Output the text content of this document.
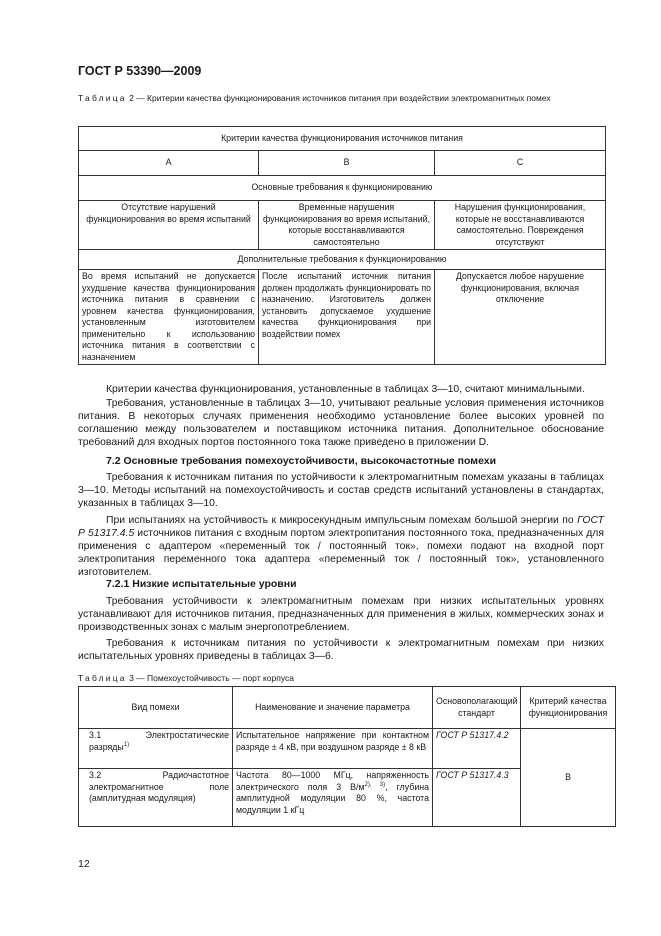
ГОСТ Р 53390—2009
Таблица 2 — Критерии качества функционирования источников питания при воздействии электромагнитных помех
Критерии качества функционирования источников питания		
А	В	С
Основные требования к функционированию		
Отсутствие нарушений функционирования во время испытаний	Временные нарушения функционирования во время испытаний, которые восстанавливаются самостоятельно	Нарушения функционирования, которые не восстанавливаются самостоятельно. Повреждения отсутствуют
Дополнительные требования к функционированию		
Во время испытаний не допускается ухудшение качества функционирования источника питания в сравнении с уровнем качества функционирования, установленным изготовителем применительно к использованию источника питания в соответствии с назначением	После испытаний источник питания должен продолжать функционировать по назначению. Изготовитель должен установить допускаемое ухудшение качества функционирования при воздействии помех	Допускается любое нарушение функционирования, включая отключение
Критерии качества функционирования, установленные в таблицах 3—10, считают минимальными.
Требования, установленные в таблицах 3—10, учитывают реальные условия применения источников питания. В некоторых случаях применения необходимо установление более высоких уровней по соглашению между пользователем и поставщиком источника питания. Дополнительное обоснование требований для входных портов постоянного тока также приведено в приложении D.
7.2 Основные требования помехоустойчивости, высокочастотные помехи
Требования к источникам питания по устойчивости к электромагнитным помехам указаны в таблицах 3—10. Методы испытаний на помехоустойчивость и состав средств испытаний установлены в стандартах, указанных в таблицах 3—10.
При испытаниях на устойчивость к микросекундным импульсным помехам большой энергии по ГОСТ Р 51317.4.5 источников питания с входным портом электропитания постоянного тока, предназначенных для применения с адаптером «переменный ток / постоянный ток», помехи подают на входной порт электропитания переменного тока адаптера «переменный ток / постоянный ток», установленного изготовителем.
7.2.1 Низкие испытательные уровни
Требования устойчивости к электромагнитным помехам при низких испытательных уровнях устанавливают для источников питания, предназначенных для применения в жилых, коммерческих зонах и производственных зонах с малым энергопотреблением.
Требования к источникам питания по устойчивости к электромагнитным помехам при низких испытательных уровнях приведены в таблицах 3—6.
Таблица 3 — Помехоустойчивость — порт корпуса
Вид помехи	Наименование и значение параметра	Основополагающий стандарт	Критерий качества функционирования
3.1 Электростатические разряды$^{1)}$	Испытательное напряжение при контактном разряде ± 4 кВ, при воздушном разряде ± 8 кВ	ГОСТ Р 51317.4.2	В
3.2 Радиочастотное электромагнитное поле (амплитудная модуляция)	Частота 80—1000 МГц, напряженность электрического поля 3 $В/м^{2), 3)}$, глубина амплитудной модуляции 80 %, частота модуляции 1 кГц	ГОСТ Р 51317.4.3	
12
